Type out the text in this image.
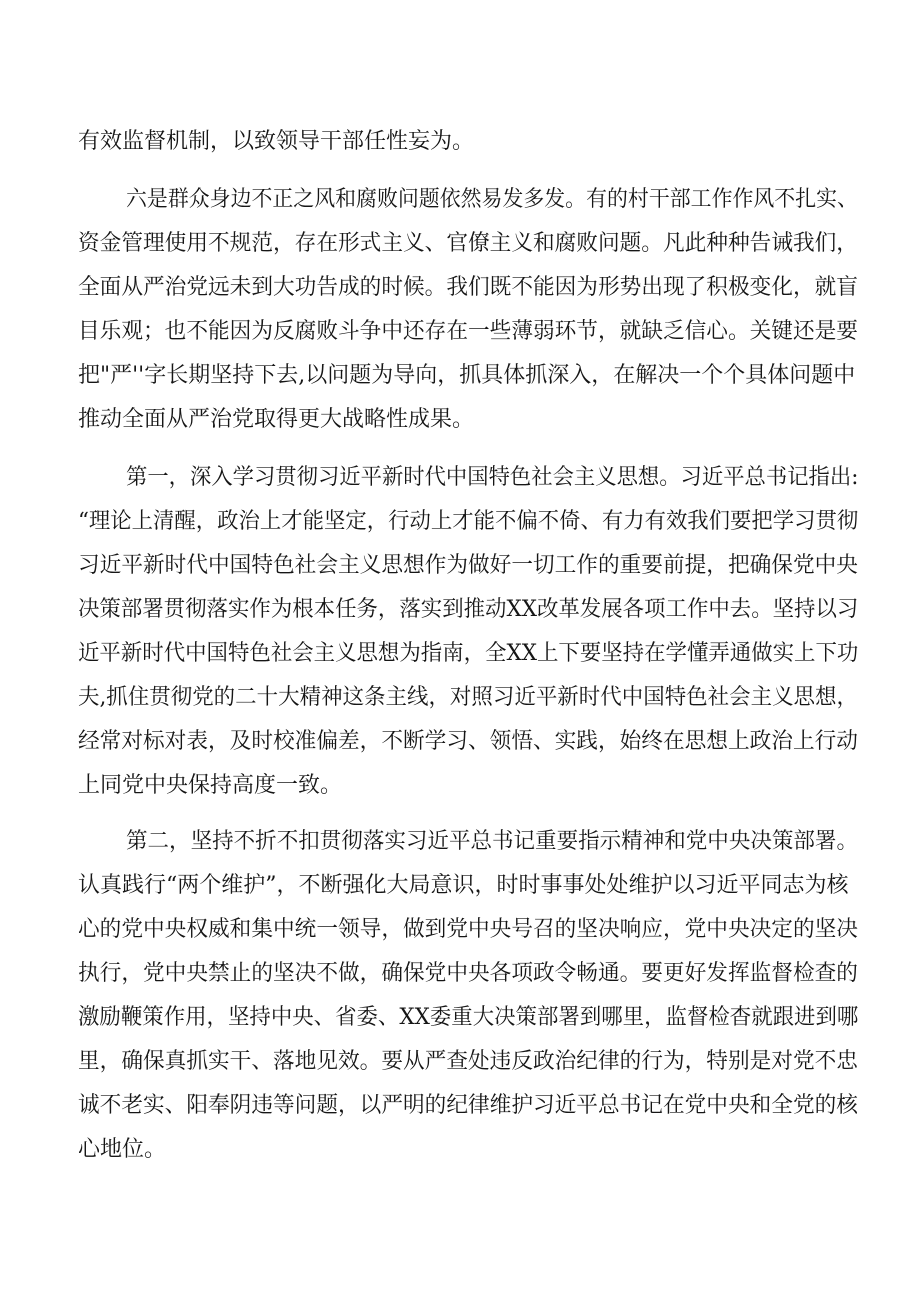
有效监督机制，以致领导干部任性妄为。
六是群众身边不正之风和腐败问题依然易发多发。有的村干部工作作风不扎实、
资金管理使用不规范，存在形式主义、官僚主义和腐败问题。凡此种种告诫我们，
全面从严治党远未到大功告成的时候。我们既不能因为形势出现了积极变化，就盲
目乐观；也不能因为反腐败斗争中还存在一些薄弱环节，就缺乏信心。关键还是要
把"严''字长期坚持下去,以问题为导向，抓具体抓深入，在解决一个个具体问题中
推动全面从严治党取得更大战略性成果。
第一，深入学习贯彻习近平新时代中国特色社会主义思想。习近平总书记指出:
“理论上清醒，政治上才能坚定，行动上才能不偏不倚、有力有效我们要把学习贯彻
习近平新时代中国特色社会主义思想作为做好一切工作的重要前提，把确保党中央
决策部署贯彻落实作为根本任务，落实到推动XX改革发展各项工作中去。坚持以习
近平新时代中国特色社会主义思想为指南，全XX上下要坚持在学懂弄通做实上下功
夫,抓住贯彻党的二十大精神这条主线，对照习近平新时代中国特色社会主义思想，
经常对标对表，及时校准偏差，不断学习、领悟、实践，始终在思想上政治上行动
上同党中央保持高度一致。
第二，坚持不折不扣贯彻落实习近平总书记重要指示精神和党中央决策部署。
认真践行“两个维护”，不断强化大局意识，时时事事处处维护以习近平同志为核
心的党中央权威和集中统一领导，做到党中央号召的坚决响应，党中央决定的坚决
执行，党中央禁止的坚决不做，确保党中央各项政令畅通。要更好发挥监督检查的
激励鞭策作用，坚持中央、省委、XX委重大决策部署到哪里，监督检杳就跟进到哪
里，确保真抓实干、落地见效。要从严查处违反政治纪律的行为，特别是对党不忠
诚不老实、阳奉阴违等问题，以严明的纪律维护习近平总书记在党中央和全党的核
心地位。
